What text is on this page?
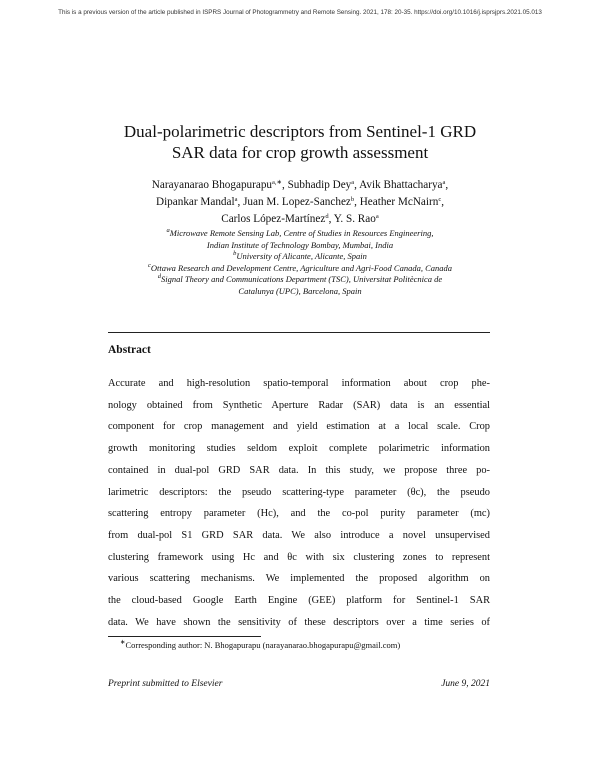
This is a previous version of the article published in ISPRS Journal of Photogrammetry and Remote Sensing. 2021, 178: 20-35. https://doi.org/10.1016/j.isprsjprs.2021.05.013
Dual-polarimetric descriptors from Sentinel-1 GRD
SAR data for crop growth assessment
Narayanarao Bhogapurapu$^{a,∗}$, Subhadip Dey$^a$, Avik Bhattacharya$^a$,
Dipankar Mandal$^a$, Juan M. Lopez-Sanchez$^b$, Heather McNairn$^c$,
Carlos López-Martínez$^d$, Y. S. Rao$^a$
$^a$Microwave Remote Sensing Lab, Centre of Studies in Resources Engineering,
Indian Institute of Technology Bombay, Mumbai, India
$^b$University of Alicante, Alicante, Spain
$^c$Ottawa Research and Development Centre, Agriculture and Agri-Food Canada, Canada
$^d$Signal Theory and Communications Department (TSC), Universitat Politècnica de
Catalunya (UPC), Barcelona, Spain
Abstract
Accurate and high-resolution spatio-temporal information about crop phe-
nology obtained from Synthetic Aperture Radar (SAR) data is an essential
component for crop management and yield estimation at a local scale. Crop
growth monitoring studies seldom exploit complete polarimetric information
contained in dual-pol GRD SAR data. In this study, we propose three po-
larimetric descriptors: the pseudo scattering-type parameter (θc), the pseudo
scattering entropy parameter (Hc), and the co-pol purity parameter (mc)
from dual-pol S1 GRD SAR data. We also introduce a novel unsupervised
clustering framework using Hc and θc with six clustering zones to represent
various scattering mechanisms. We implemented the proposed algorithm on
the cloud-based Google Earth Engine (GEE) platform for Sentinel-1 SAR
data. We have shown the sensitivity of these descriptors over a time series of
∗Corresponding author: N. Bhogapurapu (narayanarao.bhogapurapu@gmail.com)
Preprint submitted to Elsevier	June 9, 2021
